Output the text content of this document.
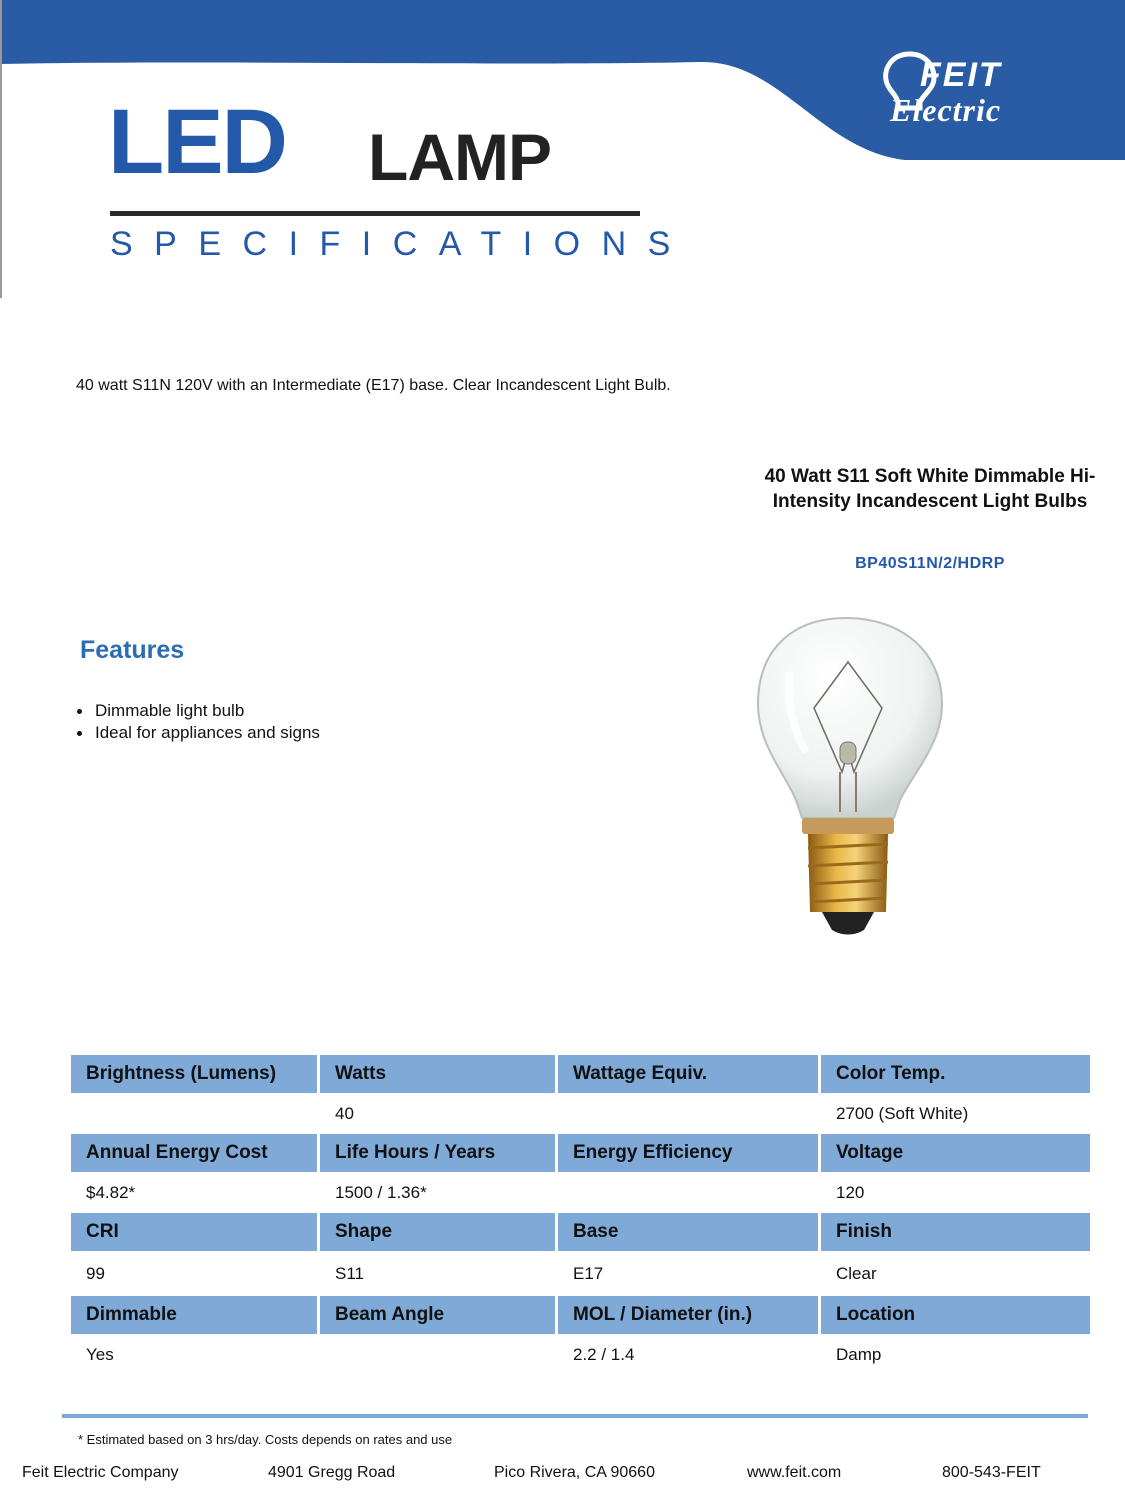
FEIT
Electric
LED LAMP
SPECIFICATIONS
40 watt S11N 120V with an Intermediate (E17) base. Clear Incandescent Light Bulb.
40 Watt S11 Soft White Dimmable Hi-Intensity Incandescent Light Bulbs
BP40S11N/2/HDRP
Features
Dimmable light bulb
Ideal for appliances and signs
Brightness (Lumens)	Watts	Wattage Equiv.	Color Temp.
	40		2700 (Soft White)
Annual Energy Cost	Life Hours / Years	Energy Efficiency	Voltage
$4.82*	1500 / 1.36*		120
CRI	Shape	Base	Finish
99	S11	E17	Clear
Dimmable	Beam Angle	MOL / Diameter (in.)	Location
Yes		2.2 / 1.4	Damp
* Estimated based on 3 hrs/day. Costs depends on rates and use
Feit Electric Company	4901 Gregg Road	Pico Rivera, CA 90660	www.feit.com	800-543-FEIT
